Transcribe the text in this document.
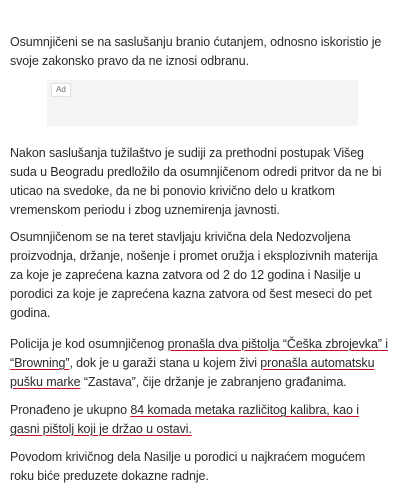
Osumnjičeni se na saslušanju branio ćutanjem, odnosno iskoristio je svoje zakonsko pravo da ne iznosi odbranu.

Ad

Nakon saslušanja tužilaštvo je sudiji za prethodni postupak Višeg suda u Beogradu predložilo da osumnjičenom odredi pritvor da ne bi uticao na svedoke, da ne bi ponovio krivično delo u kratkom vremenskom periodu i zbog uznemirenja javnosti.

Osumnjičenom se na teret stavljaju krivična dela Nedozvoljena proizvodnja, držanje, nošenje i promet oružja i eksplozivnih materija za koje je zaprećena kazna zatvora od 2 do 12 godina i Nasilje u porodici za koje je zaprećena kazna zatvora od šest meseci do pet godina.

Policija je kod osumnjičenog pronašla dva pištolja “Češka zbrojevka” i “Browning”, dok je u garaži stana u kojem živi pronašla automatsku pušku marke “Zastava”, čije držanje je zabranjeno građanima.

Pronađeno je ukupno 84 komada metaka različitog kalibra, kao i gasni pištolj koji je držao u ostavi.

Povodom krivičnog dela Nasilje u porodici u najkraćem mogućem roku biće preduzete dokazne radnje.
